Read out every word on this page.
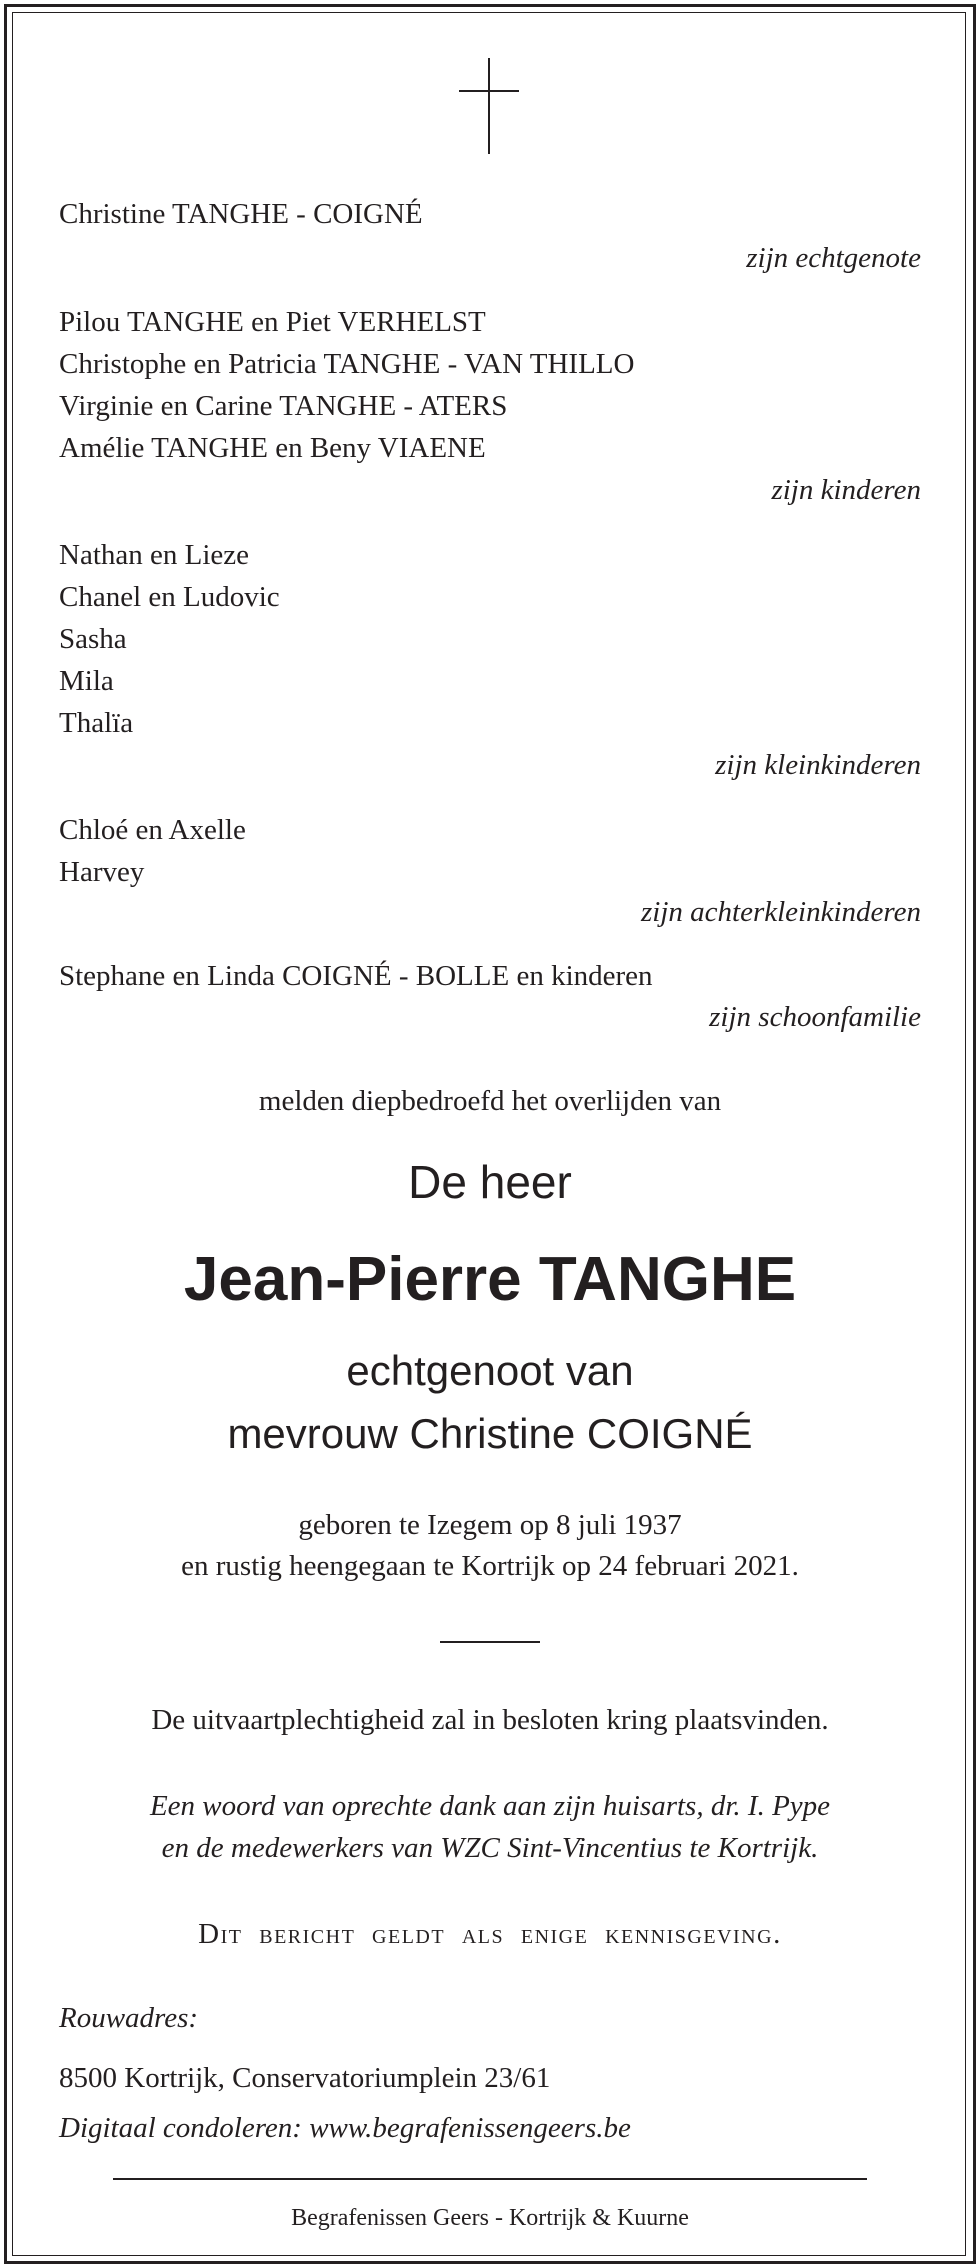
Christine TANGHE - COIGNÉ
zijn echtgenote
Pilou TANGHE en Piet VERHELST
Christophe en Patricia TANGHE - VAN THILLO
Virginie en Carine TANGHE - ATERS
Amélie TANGHE en Beny VIAENE
zijn kinderen
Nathan en Lieze
Chanel en Ludovic
Sasha
Mila
Thalïa
zijn kleinkinderen
Chloé en Axelle
Harvey
zijn achterkleinkinderen
Stephane en Linda COIGNÉ - BOLLE en kinderen
zijn schoonfamilie
melden diepbedroefd het overlijden van
De heer
Jean-Pierre TANGHE
echtgenoot van
mevrouw Christine COIGNÉ
geboren te Izegem op 8 juli 1937
en rustig heengegaan te Kortrijk op 24 februari 2021.
De uitvaartplechtigheid zal in besloten kring plaatsvinden.
Een woord van oprechte dank aan zijn huisarts, dr. I. Pype
en de medewerkers van WZC Sint-Vincentius te Kortrijk.
Dit bericht geldt als enige kennisgeving.
Rouwadres:
8500 Kortrijk, Conservatoriumplein 23/61
Digitaal condoleren: www.begrafenissengeers.be
Begrafenissen Geers - Kortrijk & Kuurne
